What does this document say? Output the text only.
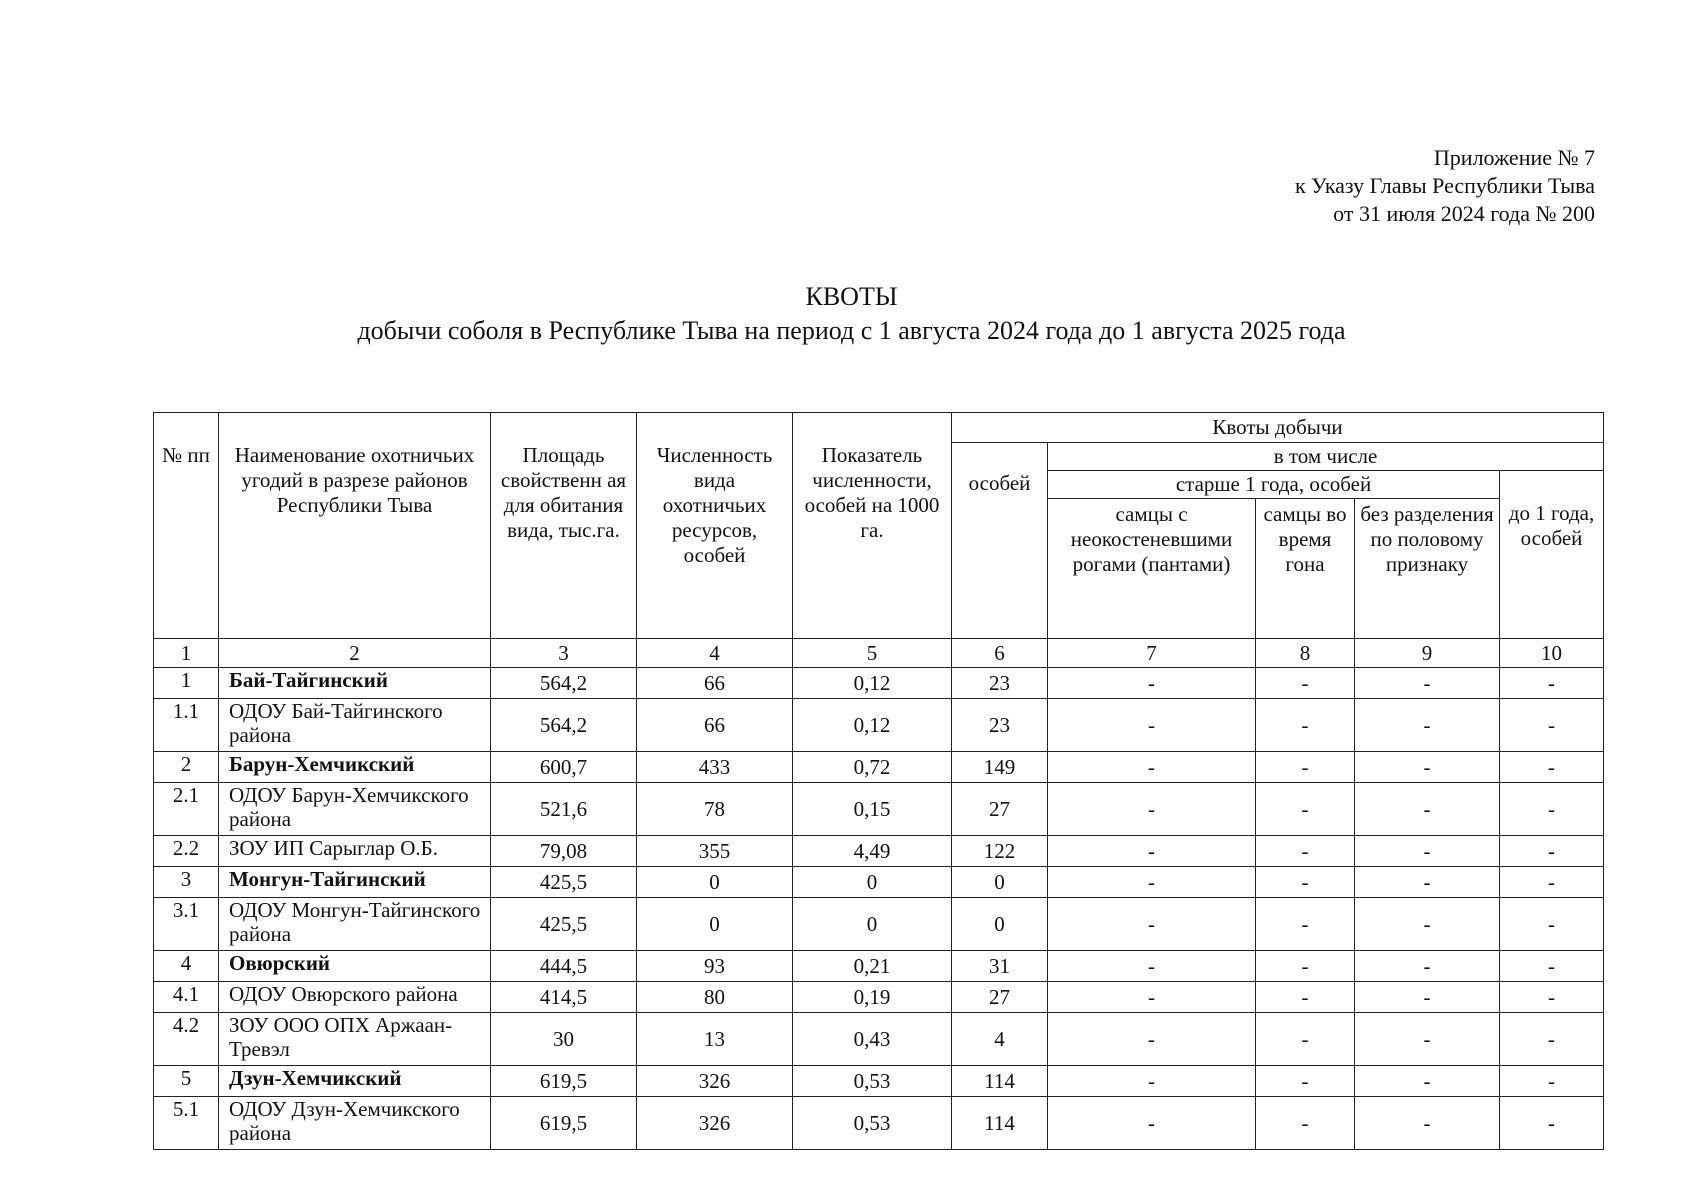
Приложение № 7
к Указу Главы Республики Тыва
от 31 июля 2024 года № 200
КВОТЫ
добычи соболя в Республике Тыва на период с 1 августа 2024 года до 1 августа 2025 года
№ пп	Наименование охотничьих угодий в разрезе районов Республики Тыва	Площадь свойственн ая для обитания вида, тыс.га.	Численность вида охотничьих ресурсов, особей	Показатель численности, особей на 1000 га.	Квоты добычи				
					особей	в том числе			
						старше 1 года, особей			до 1 года, особей
						самцы с неокостеневшими рогами (пантами)	самцы во время гона	без разделения по половому признаку	
1	2	3	4	5	6	7	8	9	10
1	Бай-Тайгинский	564,2	66	0,12	23	-	-	-	-
1.1	ОДОУ Бай-Тайгинского района	564,2	66	0,12	23	-	-	-	-
2	Барун-Хемчикский	600,7	433	0,72	149	-	-	-	-
2.1	ОДОУ Барун-Хемчикского района	521,6	78	0,15	27	-	-	-	-
2.2	ЗОУ ИП Сарыглар О.Б.	79,08	355	4,49	122	-	-	-	-
3	Монгун-Тайгинский	425,5	0	0	0	-	-	-	-
3.1	ОДОУ Монгун-Тайгинского района	425,5	0	0	0	-	-	-	-
4	Овюрский	444,5	93	0,21	31	-	-	-	-
4.1	ОДОУ Овюрского района	414,5	80	0,19	27	-	-	-	-
4.2	ЗОУ ООО ОПХ Аржаан-Тревэл	30	13	0,43	4	-	-	-	-
5	Дзун-Хемчикский	619,5	326	0,53	114	-	-	-	-
5.1	ОДОУ Дзун-Хемчикского района	619,5	326	0,53	114	-	-	-	-
